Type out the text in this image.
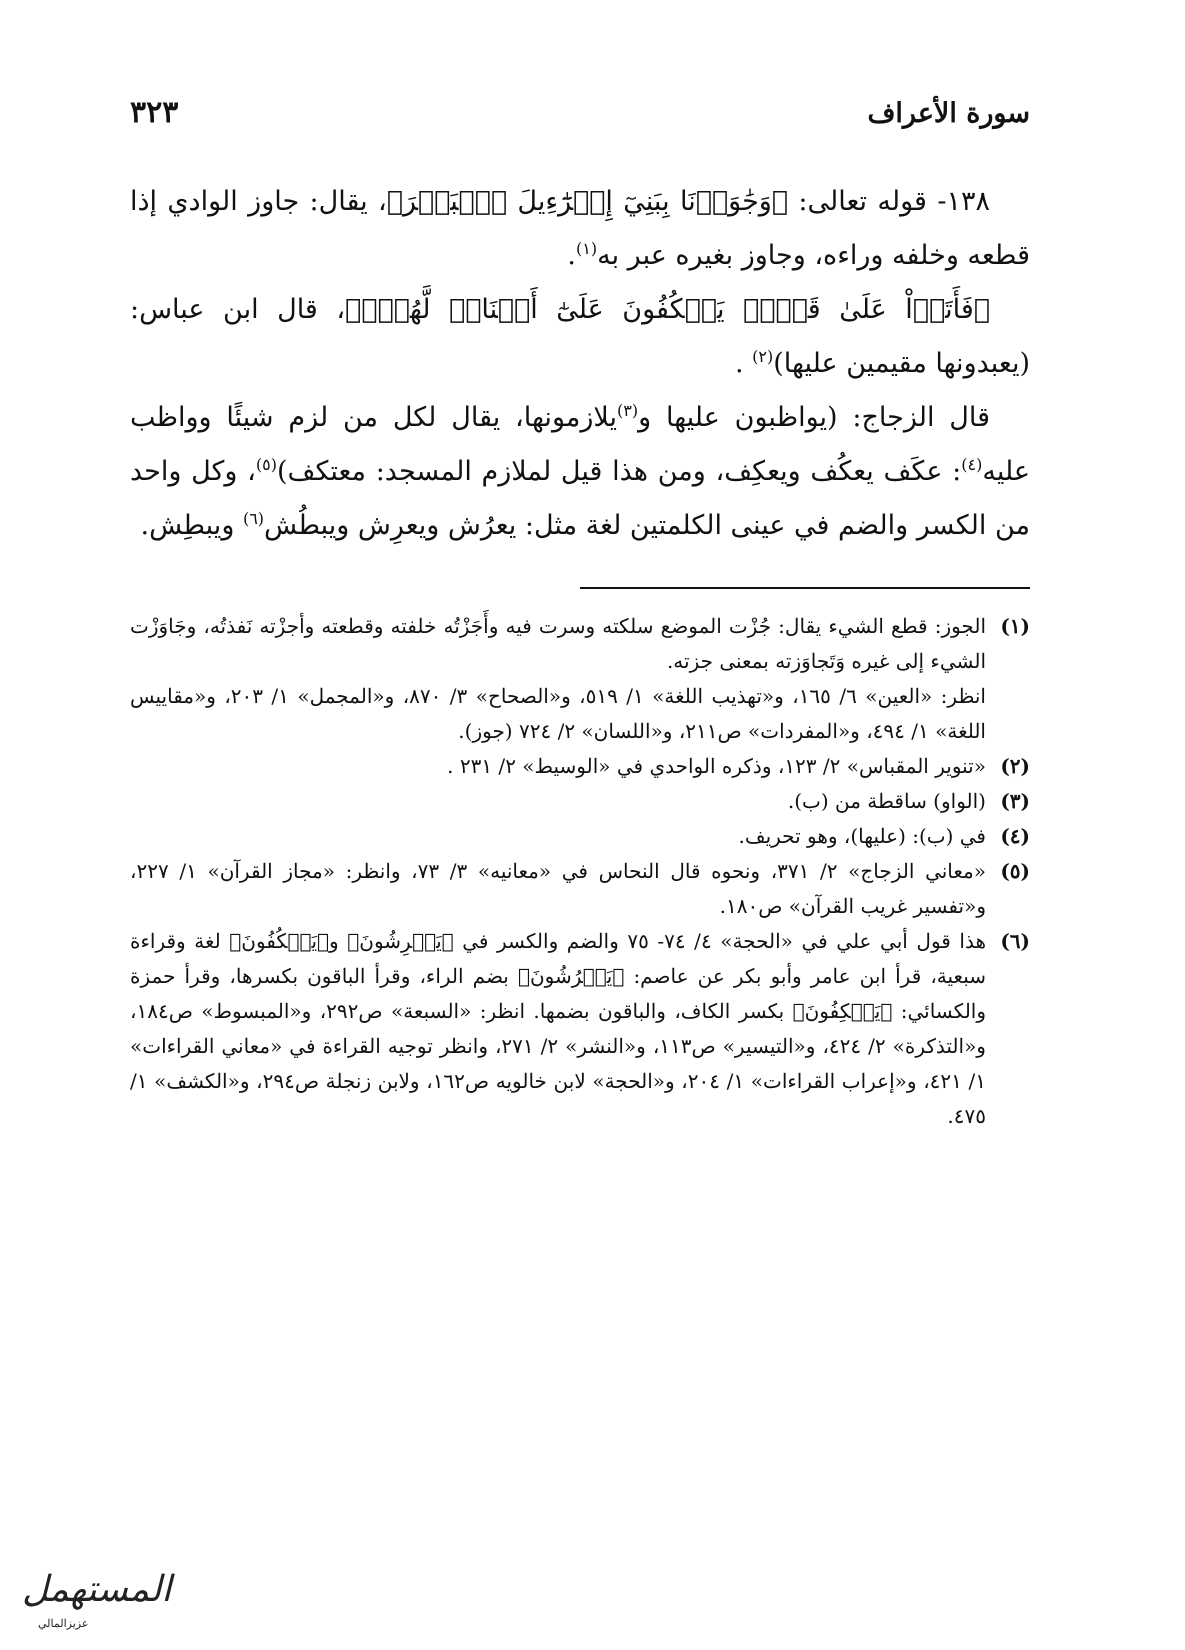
سورة الأعراف
٣٢٣

١٣٨- قوله تعالى: ﴿وَجَٰوَزۡنَا بِبَنِيٓ إِسۡرَٰٓءِيلَ ٱلۡبَحۡرَ﴾، يقال: جاوز الوادي إذا قطعه وخلفه وراءه، وجاوز بغيره عبر به$^{(١)}$.

﴿فَأَتَوۡاْ عَلَىٰ قَوۡمٖ يَعۡكُفُونَ عَلَىٰٓ أَصۡنَامٖ لَّهُمۡۚ﴾، قال ابن عباس: (يعبدونها مقيمين عليها)$^{(٢)}$ .

قال الزجاج: (يواظبون عليها و$^{(٣)}$يلازمونها، يقال لكل من لزم شيئًا وواظب عليه$^{(٤)}$: عكَف يعكُف ويعكِف، ومن هذا قيل لملازم المسجد: معتكف)$^{(٥)}$، وكل واحد من الكسر والضم في عينى الكلمتين لغة مثل: يعرُش ويعرِش ويبطُش$^{(٦)}$ ويبطِش.

(١)
الجوز: قطع الشيء يقال: جُزْت الموضع سلكته وسرت فيه وأَجَزْتُه خلفته وقطعته وأجزْته نَفذتُه، وجَاوَزْت الشيء إلى غيره وَتَجاوَزته بمعنى جزته.
انظر: «العين» ٦/ ١٦٥، و«تهذيب اللغة» ١/ ٥١٩، و«الصحاح» ٣/ ٨٧٠، و«المجمل» ١/ ٢٠٣، و«مقاييس اللغة» ١/ ٤٩٤، و«المفردات» ص٢١١، و«اللسان» ٢/ ٧٢٤ (جوز).
(٢)
«تنوير المقباس» ٢/ ١٢٣، وذكره الواحدي في «الوسيط» ٢/ ٢٣١ .
(٣)
(الواو) ساقطة من (ب).
(٤)
في (ب): (عليها)، وهو تحريف.
(٥)
«معاني الزجاج» ٢/ ٣٧١، ونحوه قال النحاس في «معانيه» ٣/ ٧٣، وانظر: «مجاز القرآن» ١/ ٢٢٧، و«تفسير غريب القرآن» ص١٨٠.
(٦)
هذا قول أبي علي في «الحجة» ٤/ ٧٤- ٧٥ والضم والكسر في ﴿يَعۡرِشُونَ﴾ و﴿يَعۡكُفُونَ﴾ لغة وقراءة سبعية، قرأ ابن عامر وأبو بكر عن عاصم: ﴿يَعۡرُشُونَ﴾ بضم الراء، وقرأ الباقون بكسرها، وقرأ حمزة والكسائي: ﴿يَعۡكِفُونَ﴾ بكسر الكاف، والباقون بضمها. انظر: «السبعة» ص٢٩٢، و«المبسوط» ص١٨٤، و«التذكرة» ٢/ ٤٢٤، و«التيسير» ص١١٣، و«النشر» ٢/ ٢٧١، وانظر توجيه القراءة في «معاني القراءات» ١/ ٤٢١، و«إعراب القراءات» ١/ ٢٠٤، و«الحجة» لابن خالويه ص١٦٢، ولابن زنجلة ص٢٩٤، و«الكشف» ١/ ٤٧٥.
المستهمل
عزيزالمالي
